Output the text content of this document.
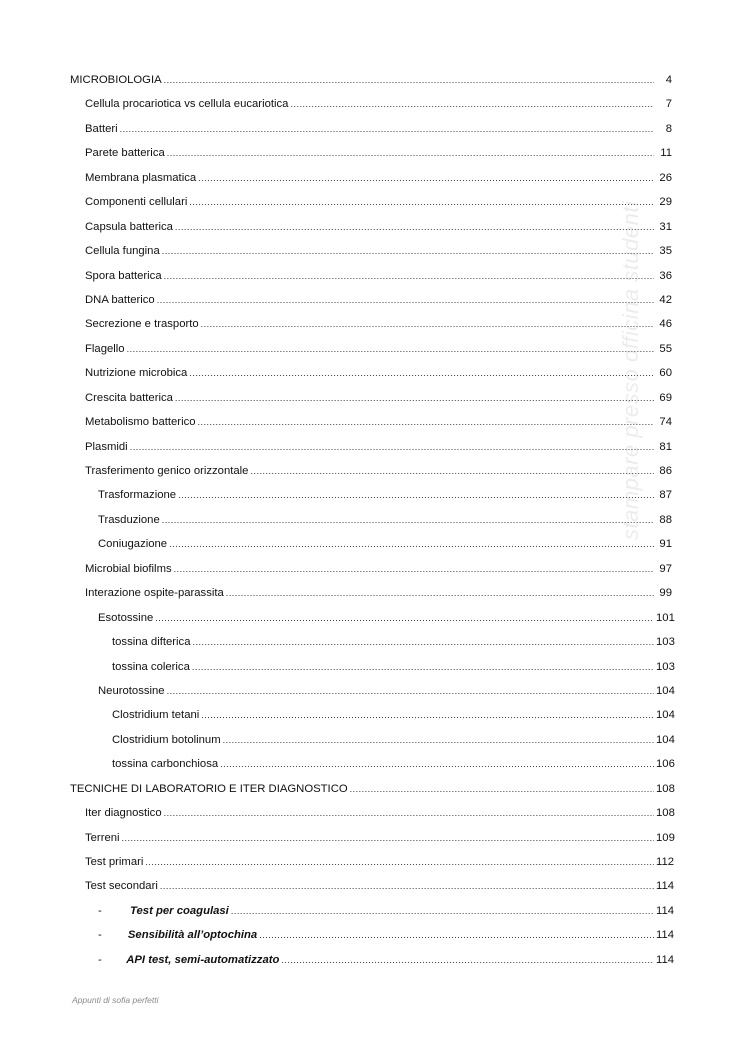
MICROBIOLOGIA .....	4
Cellula procariotica vs cellula eucariotica .....	7
Batteri .....	8
Parete batterica .....	11
Membrana plasmatica .....	26
Componenti cellulari .....	29
Capsula batterica .....	31
Cellula fungina .....	35
Spora batterica .....	36
DNA batterico .....	42
Secrezione e trasporto .....	46
Flagello .....	55
Nutrizione microbica .....	60
Crescita batterica .....	69
Metabolismo batterico .....	74
Plasmidi .....	81
Trasferimento genico orizzontale .....	86
Trasformazione .....	87
Trasduzione .....	88
Coniugazione .....	91
Microbial biofilms .....	97
Interazione ospite-parassita .....	99
Esotossine .....	101
tossina difterica .....	103
tossina colerica .....	103
Neurotossine .....	104
Clostridium tetani .....	104
Clostridium botolinum .....	104
tossina carbonchiosa .....	106
TECNICHE DI LABORATORIO E ITER DIAGNOSTICO .....	108
Iter diagnostico .....	108
Terreni .....	109
Test primari .....	112
Test secondari .....	114
-	Test per coagulasi .....	114
-	Sensibilità all’optochina .....	114
-	API test, semi-automatizzato .....	114
Appunti di sofia perfetti
stampare presso officina studenti
